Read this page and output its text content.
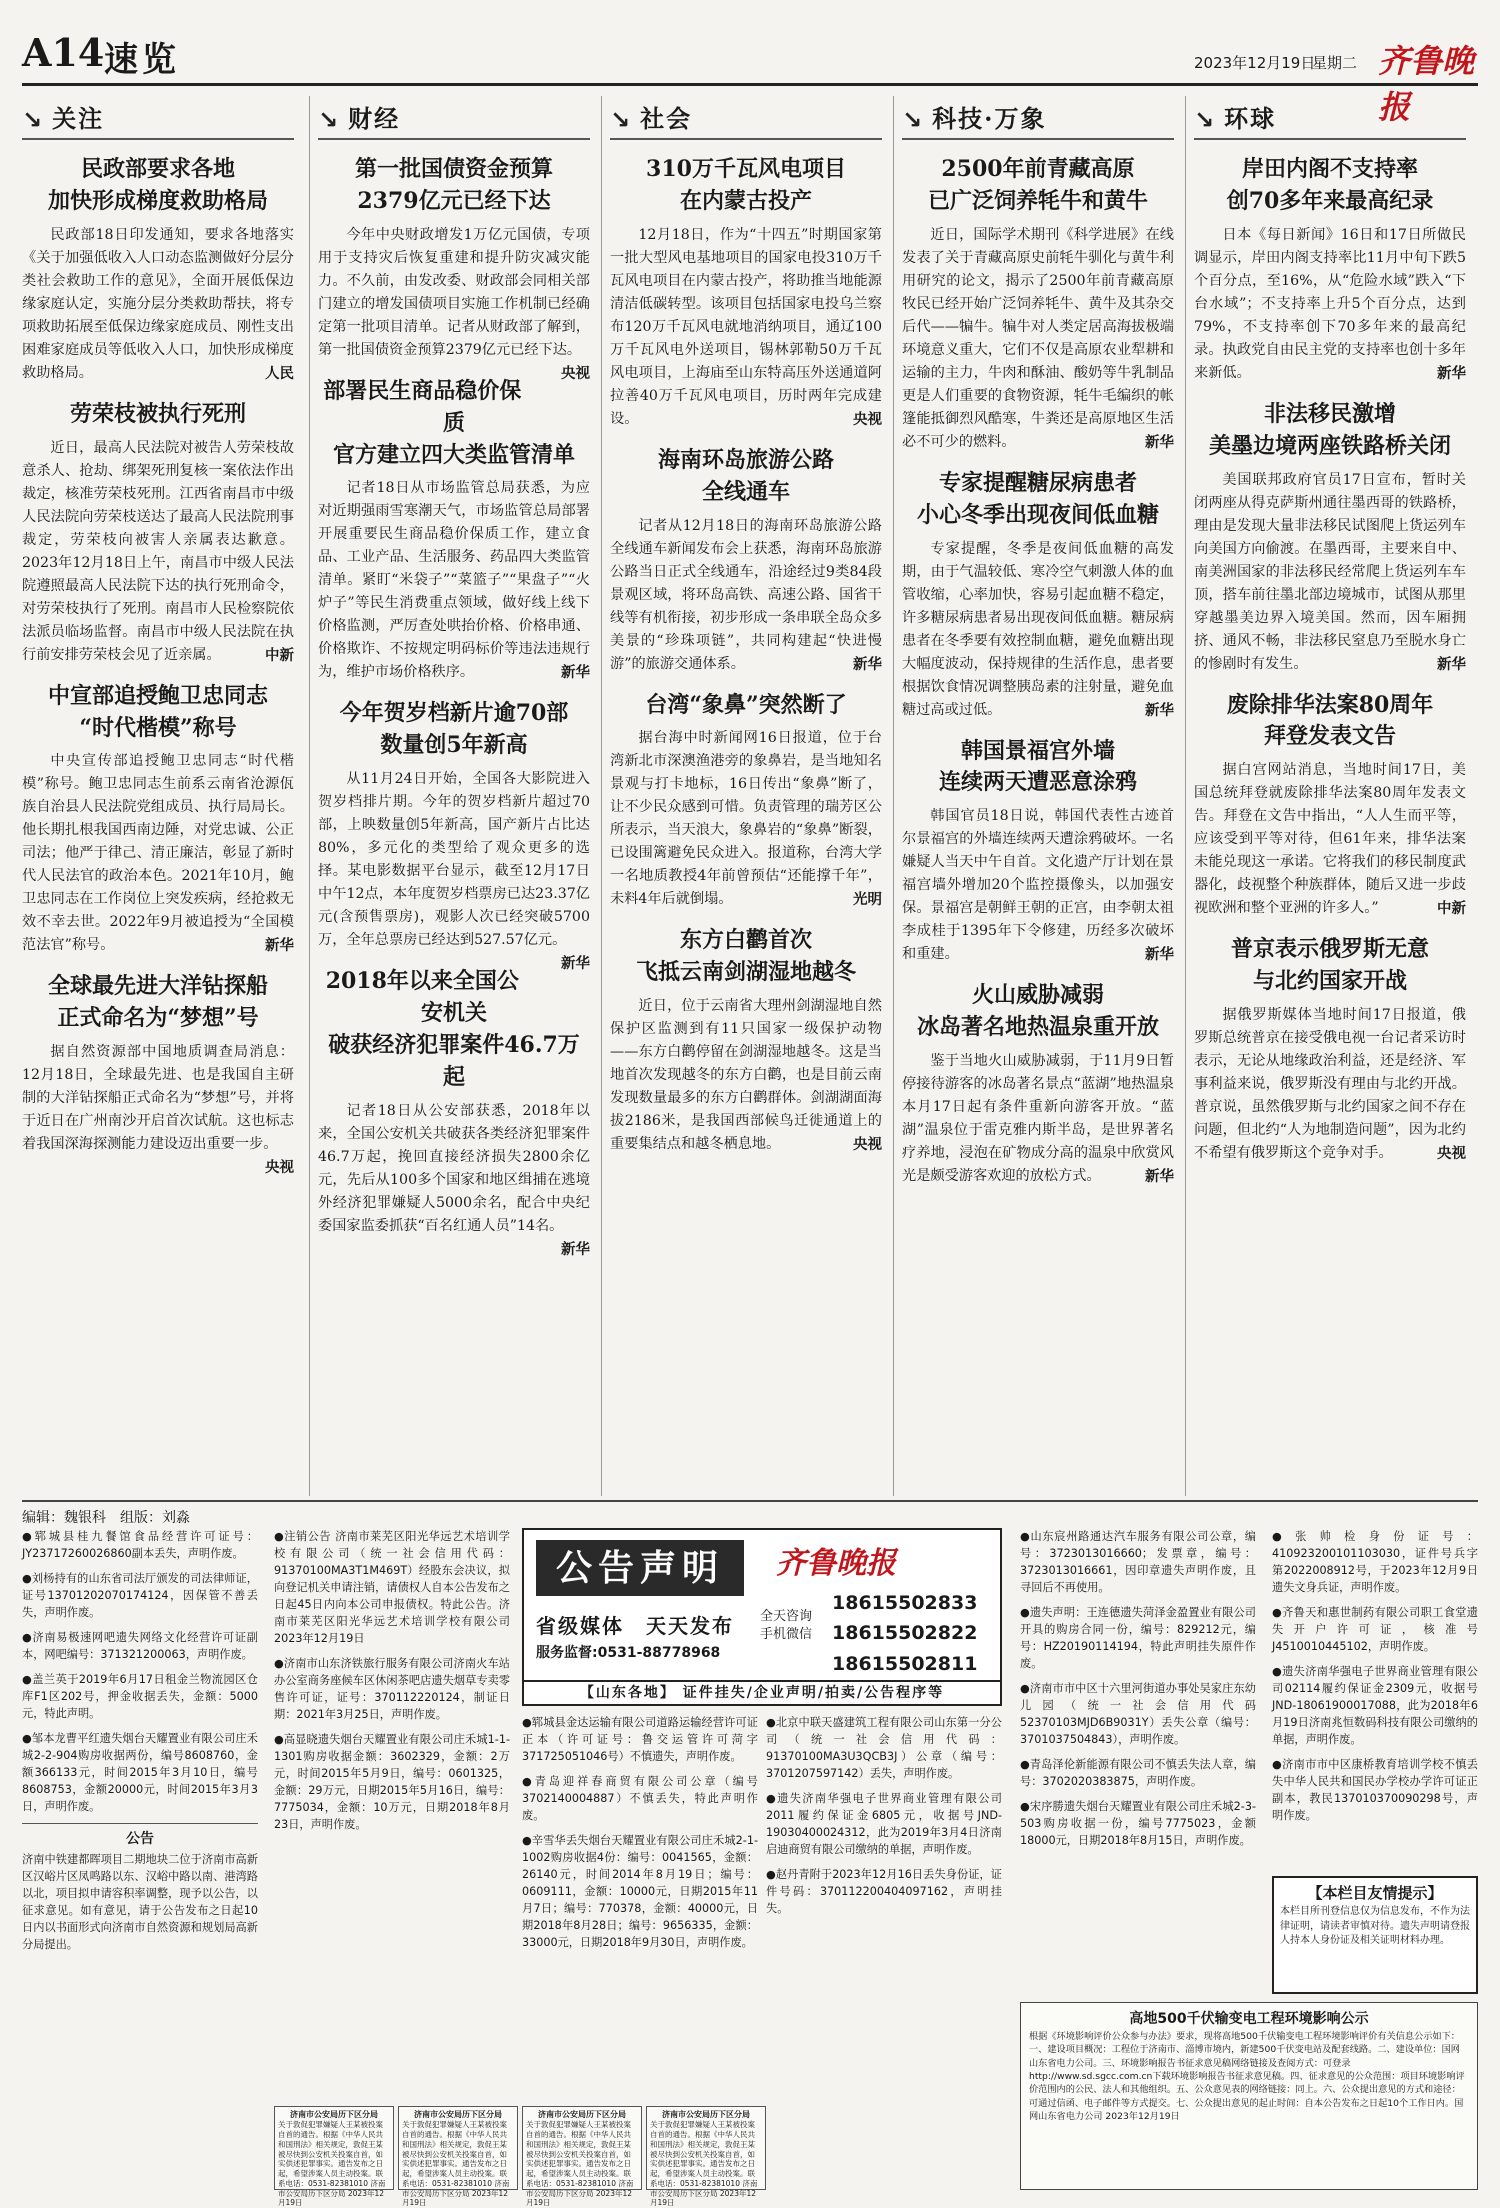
A14 速览	2023年12月19日
星期二 齐鲁晚报
↘ 关注
民政部要求各地
加快形成梯度救助格局

民政部18日印发通知，要求各地落实《关于加强低收入人口动态监测做好分层分类社会救助工作的意见》，全面开展低保边缘家庭认定，实施分层分类救助帮扶，将专项救助拓展至低保边缘家庭成员、刚性支出困难家庭成员等低收入人口，加快形成梯度救助格局。	人民

劳荣枝被执行死刑

近日，最高人民法院对被告人劳荣枝故意杀人、抢劫、绑架死刑复核一案依法作出裁定，核准劳荣枝死刑。江西省南昌市中级人民法院向劳荣枝送达了最高人民法院刑事裁定，劳荣枝向被害人亲属表达歉意。2023年12月18日上午，南昌市中级人民法院遵照最高人民法院下达的执行死刑命令，对劳荣枝执行了死刑。南昌市人民检察院依法派员临场监督。南昌市中级人民法院在执行前安排劳荣枝会见了近亲属。	中新

中宣部追授鲍卫忠同志
“时代楷模”称号

中央宣传部追授鲍卫忠同志“时代楷模”称号。鲍卫忠同志生前系云南省沧源佤族自治县人民法院党组成员、执行局局长。他长期扎根我国西南边陲，对党忠诚、公正司法；他严于律己、清正廉洁，彰显了新时代人民法官的政治本色。2021年10月，鲍卫忠同志在工作岗位上突发疾病，经抢救无效不幸去世。2022年9月被追授为“全国模范法官”称号。	新华

全球最先进大洋钻探船
正式命名为“梦想”号

据自然资源部中国地质调查局消息：12月18日，全球最先进、也是我国自主研制的大洋钻探船正式命名为“梦想”号，并将于近日在广州南沙开启首次试航。这也标志着我国深海探测能力建设迈出重要一步。
央视

↘ 财经
第一批国债资金预算
2379亿元已经下达

今年中央财政增发1万亿元国债，专项用于支持灾后恢复重建和提升防灾减灾能力。不久前，由发改委、财政部会同相关部门建立的增发国债项目实施工作机制已经确定第一批项目清单。记者从财政部了解到，第一批国债资金预算2379亿元已经下达。
央视

部署民生商品稳价保质
官方建立四大类监管清单

记者18日从市场监管总局获悉，为应对近期强雨雪寒潮天气，市场监管总局部署开展重要民生商品稳价保质工作，建立食品、工业产品、生活服务、药品四大类监管清单。紧盯“米袋子”“菜篮子”“果盘子”“火炉子”等民生消费重点领域，做好线上线下价格监测，严厉查处哄抬价格、价格串通、价格欺诈、不按规定明码标价等违法违规行为，维护市场价格秩序。	新华

今年贺岁档新片逾70部
数量创5年新高

从11月24日开始，全国各大影院进入贺岁档排片期。今年的贺岁档新片超过70部，上映数量创5年新高，国产新片占比达80%，多元化的类型给了观众更多的选择。某电影数据平台显示，截至12月17日中午12点，本年度贺岁档票房已达23.37亿元(含预售票房)，观影人次已经突破5700万，全年总票房已经达到527.57亿元。
新华

2018年以来全国公安机关
破获经济犯罪案件46.7万起

记者18日从公安部获悉，2018年以来，全国公安机关共破获各类经济犯罪案件46.7万起，挽回直接经济损失2800余亿元，先后从100多个国家和地区缉捕在逃境外经济犯罪嫌疑人5000余名，配合中央纪委国家监委抓获“百名红通人员”14名。
新华

↘ 社会
310万千瓦风电项目
在内蒙古投产

12月18日，作为“十四五”时期国家第一批大型风电基地项目的国家电投310万千瓦风电项目在内蒙古投产，将助推当地能源清洁低碳转型。该项目包括国家电投乌兰察布120万千瓦风电就地消纳项目，通辽100万千瓦风电外送项目，锡林郭勒50万千瓦风电项目，上海庙至山东特高压外送通道阿拉善40万千瓦风电项目，历时两年完成建设。	央视

海南环岛旅游公路
全线通车

记者从12月18日的海南环岛旅游公路全线通车新闻发布会上获悉，海南环岛旅游公路当日正式全线通车，沿途经过9类84段景观区域，将环岛高铁、高速公路、国省干线等有机衔接，初步形成一条串联全岛众多美景的“珍珠项链”，共同构建起“快进慢游”的旅游交通体系。	新华

台湾“象鼻”突然断了

据台海中时新闻网16日报道，位于台湾新北市深澳渔港旁的象鼻岩，是当地知名景观与打卡地标，16日传出“象鼻”断了，让不少民众感到可惜。负责管理的瑞芳区公所表示，当天浪大，象鼻岩的“象鼻”断裂，已设围篱避免民众进入。报道称，台湾大学一名地质教授4年前曾预估“还能撑千年”，未料4年后就倒塌。	光明

东方白鹳首次
飞抵云南剑湖湿地越冬

近日，位于云南省大理州剑湖湿地自然保护区监测到有11只国家一级保护动物——东方白鹳停留在剑湖湿地越冬。这是当地首次发现越冬的东方白鹳，也是目前云南发现数量最多的东方白鹳群体。剑湖湖面海拔2186米，是我国西部候鸟迁徙通道上的重要集结点和越冬栖息地。	央视

↘ 科技·万象
2500年前青藏高原
已广泛饲养牦牛和黄牛

近日，国际学术期刊《科学进展》在线发表了关于青藏高原史前牦牛驯化与黄牛利用研究的论文，揭示了2500年前青藏高原牧民已经开始广泛饲养牦牛、黄牛及其杂交后代——犏牛。犏牛对人类定居高海拔极端环境意义重大，它们不仅是高原农业犁耕和运输的主力，牛肉和酥油、酸奶等牛乳制品更是人们重要的食物资源，牦牛毛编织的帐篷能抵御烈风酷寒，牛粪还是高原地区生活必不可少的燃料。	新华

专家提醒糖尿病患者
小心冬季出现夜间低血糖

专家提醒，冬季是夜间低血糖的高发期，由于气温较低、寒冷空气刺激人体的血管收缩，心率加快，容易引起血糖不稳定，许多糖尿病患者易出现夜间低血糖。糖尿病患者在冬季要有效控制血糖，避免血糖出现大幅度波动，保持规律的生活作息，患者要根据饮食情况调整胰岛素的注射量，避免血糖过高或过低。	新华

韩国景福宫外墙
连续两天遭恶意涂鸦

韩国官员18日说，韩国代表性古迹首尔景福宫的外墙连续两天遭涂鸦破坏。一名嫌疑人当天中午自首。文化遗产厅计划在景福宫墙外增加20个监控摄像头，以加强安保。景福宫是朝鲜王朝的正宫，由李朝太祖李成桂于1395年下令修建，历经多次破坏和重建。	新华

火山威胁减弱
冰岛著名地热温泉重开放

鉴于当地火山威胁减弱，于11月9日暂停接待游客的冰岛著名景点“蓝湖”地热温泉本月17日起有条件重新向游客开放。“蓝湖”温泉位于雷克雅内斯半岛，是世界著名疗养地，浸泡在矿物成分高的温泉中欣赏风光是颇受游客欢迎的放松方式。	新华

↘ 环球
岸田内阁不支持率
创70多年来最高纪录

日本《每日新闻》16日和17日所做民调显示，岸田内阁支持率比11月中旬下跌5个百分点，至16%，从“危险水域”跌入“下台水域”；不支持率上升5个百分点，达到79%，不支持率创下70多年来的最高纪录。执政党自由民主党的支持率也创十多年来新低。	新华

非法移民激增
美墨边境两座铁路桥关闭

美国联邦政府官员17日宣布，暂时关闭两座从得克萨斯州通往墨西哥的铁路桥，理由是发现大量非法移民试图爬上货运列车向美国方向偷渡。在墨西哥，主要来自中、南美洲国家的非法移民经常爬上货运列车车顶，搭车前往墨北部边境城市，试图从那里穿越墨美边界入境美国。然而，因车厢拥挤、通风不畅，非法移民窒息乃至脱水身亡的惨剧时有发生。	新华

废除排华法案80周年
拜登发表文告

据白宫网站消息，当地时间17日，美国总统拜登就废除排华法案80周年发表文告。拜登在文告中指出，“人人生而平等，应该受到平等对待，但61年来，排华法案未能兑现这一承诺。它将我们的移民制度武器化，歧视整个种族群体，随后又进一步歧视欧洲和整个亚洲的许多人。”	中新

普京表示俄罗斯无意
与北约国家开战

据俄罗斯媒体当地时间17日报道，俄罗斯总统普京在接受俄电视一台记者采访时表示，无论从地缘政治利益，还是经济、军事利益来说，俄罗斯没有理由与北约开战。普京说，虽然俄罗斯与北约国家之间不存在问题，但北约“人为地制造问题”，因为北约不希望有俄罗斯这个竞争对手。	央视

编辑：魏银科　组版：刘淼

●郓城县桂九餐馆食品经营许可证号：JY23717260026860副本丢失，声明作废。

●刘杨持有的山东省司法厅颁发的司法律师证，证号13701202070174124，因保管不善丢失，声明作废。

●济南易极速网吧遗失网络文化经营许可证副本，网吧编号：371321200063，声明作废。

●盖兰英于2019年6月17日租金兰物流园区仓库F1区202号，押金收据丢失，金额：5000元，特此声明。

●邹本龙曹平红遗失烟台天耀置业有限公司庄禾城2-2-904购房收据两份，编号8608760，金额366133元，时间2015年3月10日，编号8608753，金额20000元，时间2015年3月3日，声明作废。

公告

济南中铁建都晖项目二期地块二位于济南市高新区汉峪片区凤鸣路以东、汉峪中路以南、港湾路以北，项目拟申请容积率调整，现予以公告，以征求意见。如有意见，请于公告发布之日起10日内以书面形式向济南市自然资源和规划局高新分局提出。

●注销公告 济南市莱芜区阳光华远艺术培训学校有限公司（统一社会信用代码：91370100MA3T1M469T）经股东会决议，拟向登记机关申请注销，请债权人自本公告发布之日起45日内向本公司申报债权。特此公告。济南市莱芜区阳光华远艺术培训学校有限公司 2023年12月19日

●济南市山东济铁旅行服务有限公司济南火车站办公室商务座候车区休闲茶吧店遗失烟草专卖零售许可证，证号：370112220124，制证日期：2021年3月25日，声明作废。

●高显晓遗失烟台天耀置业有限公司庄禾城1-1-1301购房收据金额：3602329，金额：2万元，时间2015年5月9日，编号：0601325，金额：29万元，日期2015年5月16日，编号：7775034，金额：10万元，日期2018年8月23日，声明作废。

公告声明	齐鲁晚报
省级媒体　天天发布
服务监督:0531-88778968
全天咨询手机微信
18615502833
18615502822
18615502811
【山东各地】 证件挂失/企业声明/拍卖/公告程序等

●郓城县金达运输有限公司道路运输经营许可证正本（许可证号：鲁交运管许可菏字371725051046号）不慎遗失，声明作废。

●青岛迎祥春商贸有限公司公章（编号3702140004887）不慎丢失，特此声明作废。

●辛雪华丢失烟台天耀置业有限公司庄禾城2-1-1002购房收据4份：编号：0041565，金额：26140元，时间2014年8月19日；编号：0609111，金额：10000元，日期2015年11月7日；编号：770378，金额：40000元，日期2018年8月28日；编号：9656335，金额：33000元，日期2018年9月30日，声明作废。

●北京中联天盛建筑工程有限公司山东第一分公司（统一社会信用代码：91370100MA3U3QCB3J）公章（编号：3701207597142）丢失，声明作废。

●遗失济南华强电子世界商业管理有限公司2011履约保证金6805元，收据号JND-19030400024312，此为2019年3月4日济南启迪商贸有限公司缴纳的单据，声明作废。

●赵丹青附于2023年12月16日丢失身份证，证件号码：370112200404097162，声明挂失。

●山东宸州路通达汽车服务有限公司公章，编号：3723013016660；发票章，编号：3723013016661，因印章遗失声明作废，且寻回后不再使用。

●遗失声明：王连德遗失菏泽金盈置业有限公司开具的购房合同一份，编号：829212元，编号：HZ20190114194，特此声明挂失原件作废。

●济南市市中区十六里河街道办事处吴家庄东幼儿园（统一社会信用代码52370103MJD6B9031Y）丢失公章（编号：3701037504843），声明作废。

●青岛泽伦新能源有限公司不慎丢失法人章，编号：3702020383875，声明作废。

●宋序勝遗失烟台天耀置业有限公司庄禾城2-3-503购房收据一份，编号7775023，金额18000元，日期2018年8月15日，声明作废。

●张帅检身份证号：410923200101103030，证件号兵字第2022008912号，于2023年12月9日遗失文身兵证，声明作废。

●齐鲁天和惠世制药有限公司职工食堂遗失开户许可证，核准号J4510010445102，声明作废。

●遗失济南华强电子世界商业管理有限公司02114履约保证金2309元，收据号JND-18061900017088，此为2018年6月19日济南兆恒数码科技有限公司缴纳的单据，声明作废。

●济南市市中区康桥教育培训学校不慎丢失中华人民共和国民办学校办学许可证正副本，教民137010370090298号，声明作废。

济南市公安局历下区分局
关于敦促犯罪嫌疑人王某被投案自首的通告。根据《中华人民共和国刑法》相关规定，敦促王某被尽快到公安机关投案自首，如实供述犯罪事实。通告发布之日起，希望涉案人员主动投案。联系电话：0531-82381010 济南市公安局历下区分局 2023年12月19日
济南市公安局历下区分局
关于敦促犯罪嫌疑人王某被投案自首的通告。根据《中华人民共和国刑法》相关规定，敦促王某被尽快到公安机关投案自首，如实供述犯罪事实。通告发布之日起，希望涉案人员主动投案。联系电话：0531-82381010 济南市公安局历下区分局 2023年12月19日
济南市公安局历下区分局
关于敦促犯罪嫌疑人王某被投案自首的通告。根据《中华人民共和国刑法》相关规定，敦促王某被尽快到公安机关投案自首，如实供述犯罪事实。通告发布之日起，希望涉案人员主动投案。联系电话：0531-82381010 济南市公安局历下区分局 2023年12月19日
济南市公安局历下区分局
关于敦促犯罪嫌疑人王某被投案自首的通告。根据《中华人民共和国刑法》相关规定，敦促王某被尽快到公安机关投案自首，如实供述犯罪事实。通告发布之日起，希望涉案人员主动投案。联系电话：0531-82381010 济南市公安局历下区分局 2023年12月19日
【本栏目友情提示】
本栏目所刊登信息仅为信息发布，不作为法律证明，请读者审慎对待。遗失声明请登报人持本人身份证及相关证明材料办理。
高地500千伏输变电工程环境影响公示
根据《环境影响评价公众参与办法》要求，现将高地500千伏输变电工程环境影响评价有关信息公示如下：一、建设项目概况：工程位于济南市、淄博市境内，新建500千伏变电站及配套线路。二、建设单位：国网山东省电力公司。三、环境影响报告书征求意见稿网络链接及查阅方式：可登录http://www.sd.sgcc.com.cn下载环境影响报告书征求意见稿。四、征求意见的公众范围：项目环境影响评价范围内的公民、法人和其他组织。五、公众意见表的网络链接：同上。六、公众提出意见的方式和途径：可通过信函、电子邮件等方式提交。七、公众提出意见的起止时间：自本公告发布之日起10个工作日内。国网山东省电力公司 2023年12月19日
